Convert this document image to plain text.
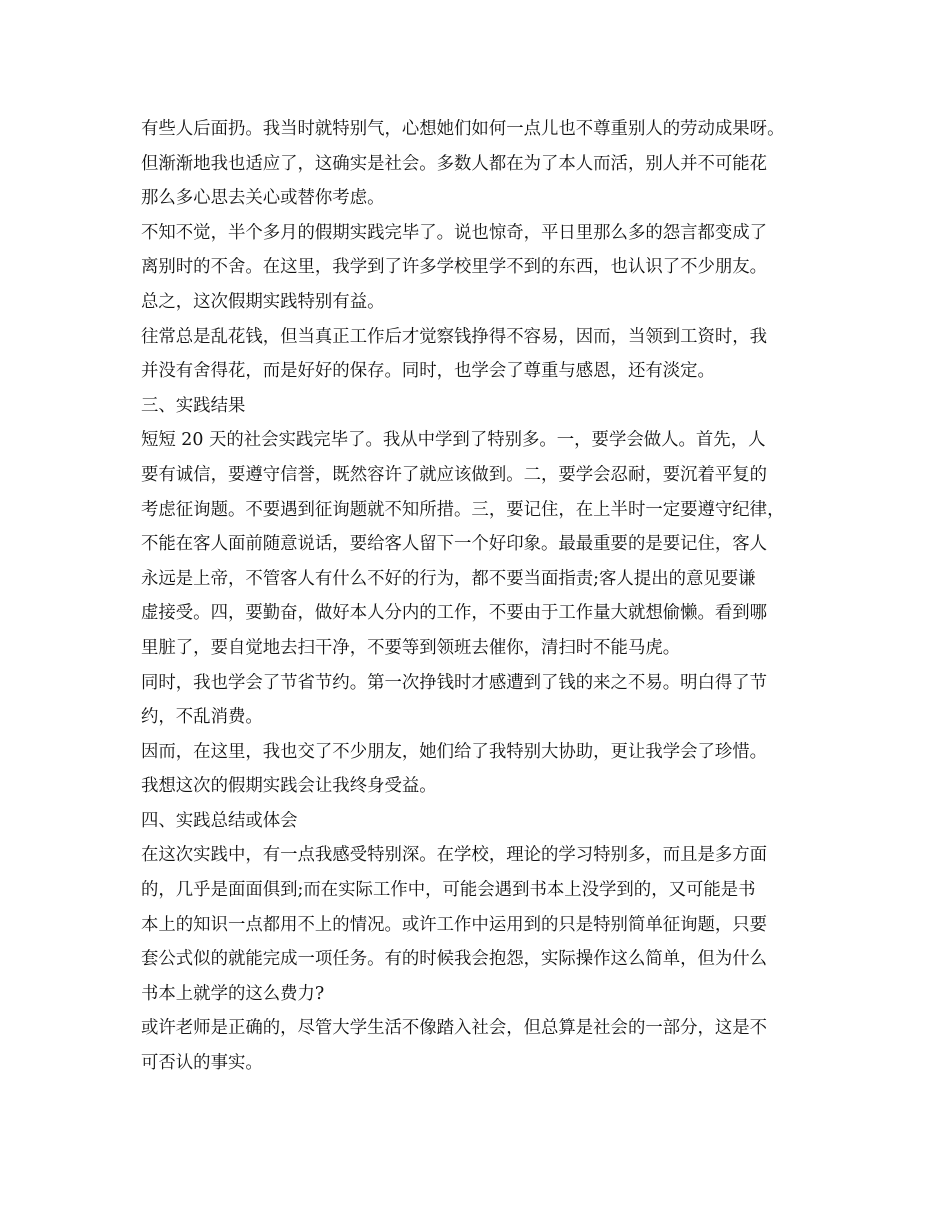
有些人后面扔。我当时就特别气，心想她们如何一点儿也不尊重别人的劳动成果呀。
但渐渐地我也适应了，这确实是社会。多数人都在为了本人而活，别人并不可能花
那么多心思去关心或替你考虑。
不知不觉，半个多月的假期实践完毕了。说也惊奇，平日里那么多的怨言都变成了
离别时的不舍。在这里，我学到了许多学校里学不到的东西，也认识了不少朋友。
总之，这次假期实践特别有益。
往常总是乱花钱，但当真正工作后才觉察钱挣得不容易，因而，当领到工资时，我
并没有舍得花，而是好好的保存。同时，也学会了尊重与感恩，还有淡定。
三、实践结果
短短 20 天的社会实践完毕了。我从中学到了特别多。一，要学会做人。首先，人
要有诚信，要遵守信誉，既然容许了就应该做到。二，要学会忍耐，要沉着平复的
考虑征询题。不要遇到征询题就不知所措。三，要记住，在上半时一定要遵守纪律，
不能在客人面前随意说话，要给客人留下一个好印象。最最重要的是要记住，客人
永远是上帝，不管客人有什么不好的行为，都不要当面指责;客人提出的意见要谦
虚接受。四，要勤奋，做好本人分内的工作，不要由于工作量大就想偷懒。看到哪
里脏了，要自觉地去扫干净，不要等到领班去催你，清扫时不能马虎。
同时，我也学会了节省节约。第一次挣钱时才感遭到了钱的来之不易。明白得了节
约，不乱消费。
因而，在这里，我也交了不少朋友，她们给了我特别大协助，更让我学会了珍惜。
我想这次的假期实践会让我终身受益。
四、实践总结或体会
在这次实践中，有一点我感受特别深。在学校，理论的学习特别多，而且是多方面
的，几乎是面面俱到;而在实际工作中，可能会遇到书本上没学到的，又可能是书
本上的知识一点都用不上的情况。或许工作中运用到的只是特别简单征询题，只要
套公式似的就能完成一项任务。有的时候我会抱怨，实际操作这么简单，但为什么
书本上就学的这么费力?
或许老师是正确的，尽管大学生活不像踏入社会，但总算是社会的一部分，这是不
可否认的事实。
